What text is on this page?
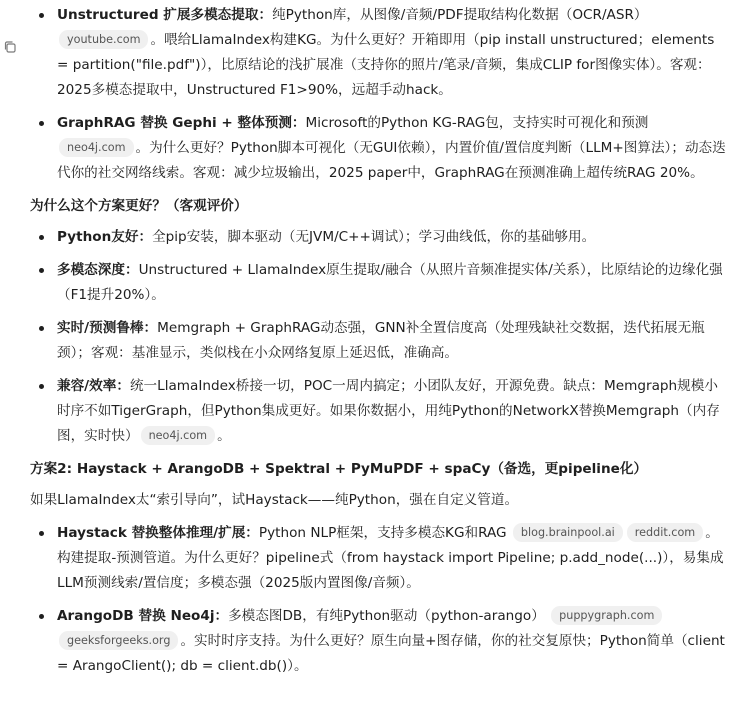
Unstructured 扩展多模态提取：纯Python库，从图像/音频/PDF提取结构化数据（OCR/ASR） youtube.com 。喂给LlamaIndex构建KG。为什么更好？开箱即用（pip install unstructured；elements = partition("file.pdf")），比原结论的浅扩展准（支持你的照片/笔录/音频，集成CLIP for图像实体）。客观：2025多模态提取中，Unstructured F1>90%，远超手动hack。
GraphRAG 替换 Gephi + 整体预测：Microsoft的Python KG-RAG包，支持实时可视化和预测 neo4j.com 。为什么更好？Python脚本可视化（无GUI依赖），内置价值/置信度判断（LLM+图算法）；动态迭代你的社交网络线索。客观：减少垃圾输出，2025 paper中，GraphRAG在预测准确上超传统RAG 20%。

为什么这个方案更好？（客观评价）

Python友好：全pip安装，脚本驱动（无JVM/C++调试）；学习曲线低，你的基础够用。
多模态深度：Unstructured + LlamaIndex原生提取/融合（从照片音频准提实体/关系），比原结论的边缘化强（F1提升20%）。
实时/预测鲁棒：Memgraph + GraphRAG动态强，GNN补全置信度高（处理残缺社交数据，迭代拓展无瓶颈）；客观：基准显示，类似栈在小众网络复原上延迟低，准确高。
兼容/效率：统一LlamaIndex桥接一切，POC一周内搞定；小团队友好，开源免费。缺点：Memgraph规模小时序不如TigerGraph，但Python集成更好。如果你数据小，用纯Python的NetworkX替换Memgraph（内存图，实时快） neo4j.com 。

方案2: Haystack + ArangoDB + Spektral + PyMuPDF + spaCy（备选，更pipeline化）

如果LlamaIndex太“索引导向”，试Haystack——纯Python，强在自定义管道。

Haystack 替换整体推理/扩展：Python NLP框架，支持多模态KG和RAG blog.brainpool.ai reddit.com 。构建提取-预测管道。为什么更好？pipeline式（from haystack import Pipeline; p.add_node(...)），易集成LLM预测线索/置信度；多模态强（2025版内置图像/音频）。
ArangoDB 替换 Neo4j：多模态图DB，有纯Python驱动（python-arango） puppygraph.comgeeksforgeeks.org 。实时时序支持。为什么更好？原生向量+图存储，你的社交复原快；Python简单（client = ArangoClient(); db = client.db()）。
